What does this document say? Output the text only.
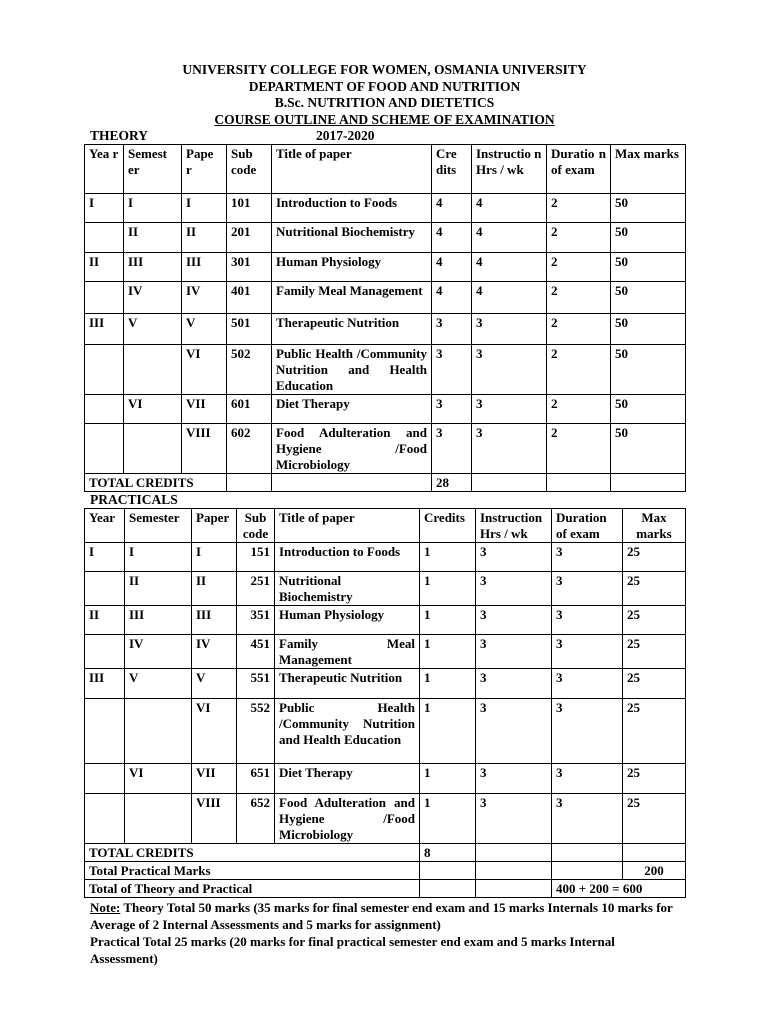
UNIVERSITY COLLEGE FOR WOMEN, OSMANIA UNIVERSITY
DEPARTMENT OF FOOD AND NUTRITION
B.Sc. NUTRITION AND DIETETICS
COURSE OUTLINE AND SCHEME OF EXAMINATION
THEORY	2017-2020
Yea r	Semest er	Pape r	Sub code	Title of paper	Cre dits	Instructio n Hrs / wk	Duratio n of exam	Max marks
I	I	I	101	Introduction to Foods	4	4	2	50
	II	II	201	Nutritional Biochemistry	4	4	2	50
II	III	III	301	Human Physiology	4	4	2	50
	IV	IV	401	Family Meal Management	4	4	2	50
III	V	V	501	Therapeutic Nutrition	3	3	2	50
		VI	502	Public Health /Community Nutrition and Health Education	3	3	2	50
	VI	VII	601	Diet Therapy	3	3	2	50
		VIII	602	Food Adulteration and Hygiene /Food Microbiology	3	3	2	50
TOTAL CREDITS					28			
PRACTICALS
Year	Semester	Paper	Sub code	Title of paper	Credits	Instruction Hrs / wk	Duration of exam	Max marks
I	I	I	151	Introduction to Foods	1	3	3	25
	II	II	251	Nutritional Biochemistry	1	3	3	25
II	III	III	351	Human Physiology	1	3	3	25
	IV	IV	451	Family Meal Management	1	3	3	25
III	V	V	551	Therapeutic Nutrition	1	3	3	25
		VI	552	Public Health /Community Nutrition and Health Education	1	3	3	25
	VI	VII	651	Diet Therapy	1	3	3	25
		VIII	652	Food Adulteration and Hygiene /Food Microbiology	1	3	3	25
TOTAL CREDITS					8			
Total Practical Marks								200
Total of Theory and Practical							400 + 200 = 600	
Note: Theory Total 50 marks (35 marks for final semester end exam and 15 marks Internals 10 marks for Average of 2 Internal Assessments and 5 marks for assignment)
Practical Total 25 marks (20 marks for final practical semester end exam and 5 marks Internal Assessment)
